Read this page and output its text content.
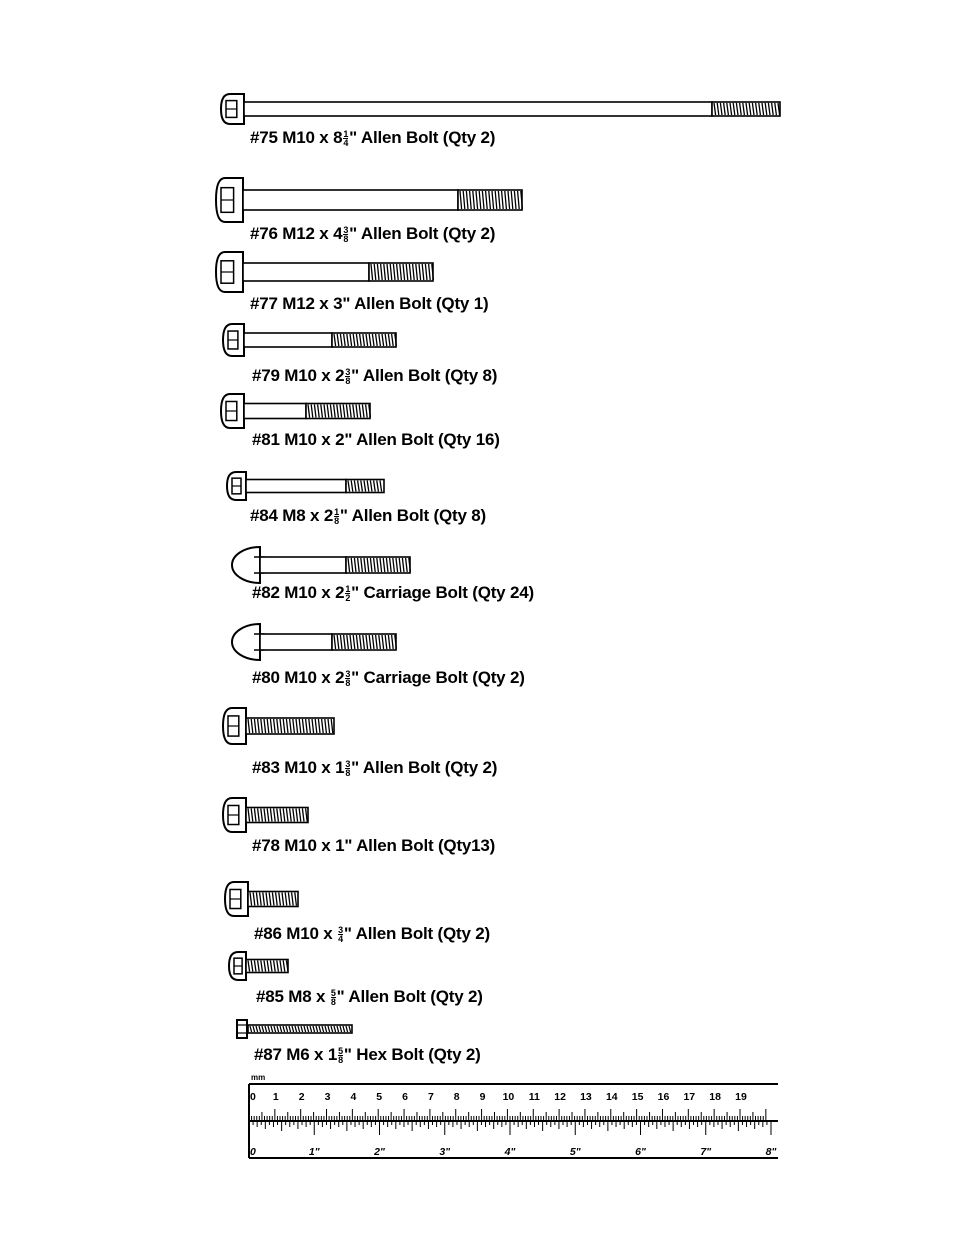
#75 M10 x $8 \frac{1}{4}$ " Allen Bolt (Qty 2)
#76 M12 x $4 \frac{3}{8}$ " Allen Bolt (Qty 2)
#77 M12 x 3" Allen Bolt (Qty 1)
#79 M10 x $2 \frac{3}{8}$ " Allen Bolt (Qty 8)
#81 M10 x 2" Allen Bolt (Qty 16)
#84 M8 x $2 \frac{1}{8}$ " Allen Bolt (Qty 8)
#82 M10 x $2 \frac{1}{2}$ " Carriage Bolt (Qty 24)
#80 M10 x $2 \frac{3}{8}$ " Carriage Bolt (Qty 2)
#83 M10 x $1 \frac{3}{8}$ " Allen Bolt (Qty 2)
#78 M10 x 1" Allen Bolt (Qty13)
#86 M10 x $\frac{3}{4}$ " Allen Bolt (Qty 2)
#85 M8 x $\frac{5}{8}$ " Allen Bolt (Qty 2)
#87 M6 x $1 \frac{5}{8}$ " Hex Bolt (Qty 2)
mm
0 1 2 3 4 5 6 7 8 9 10 11 12 13 14 15 16 17 18 19
0	1"	2"	3"	4"	5"	6"	7"	8"
